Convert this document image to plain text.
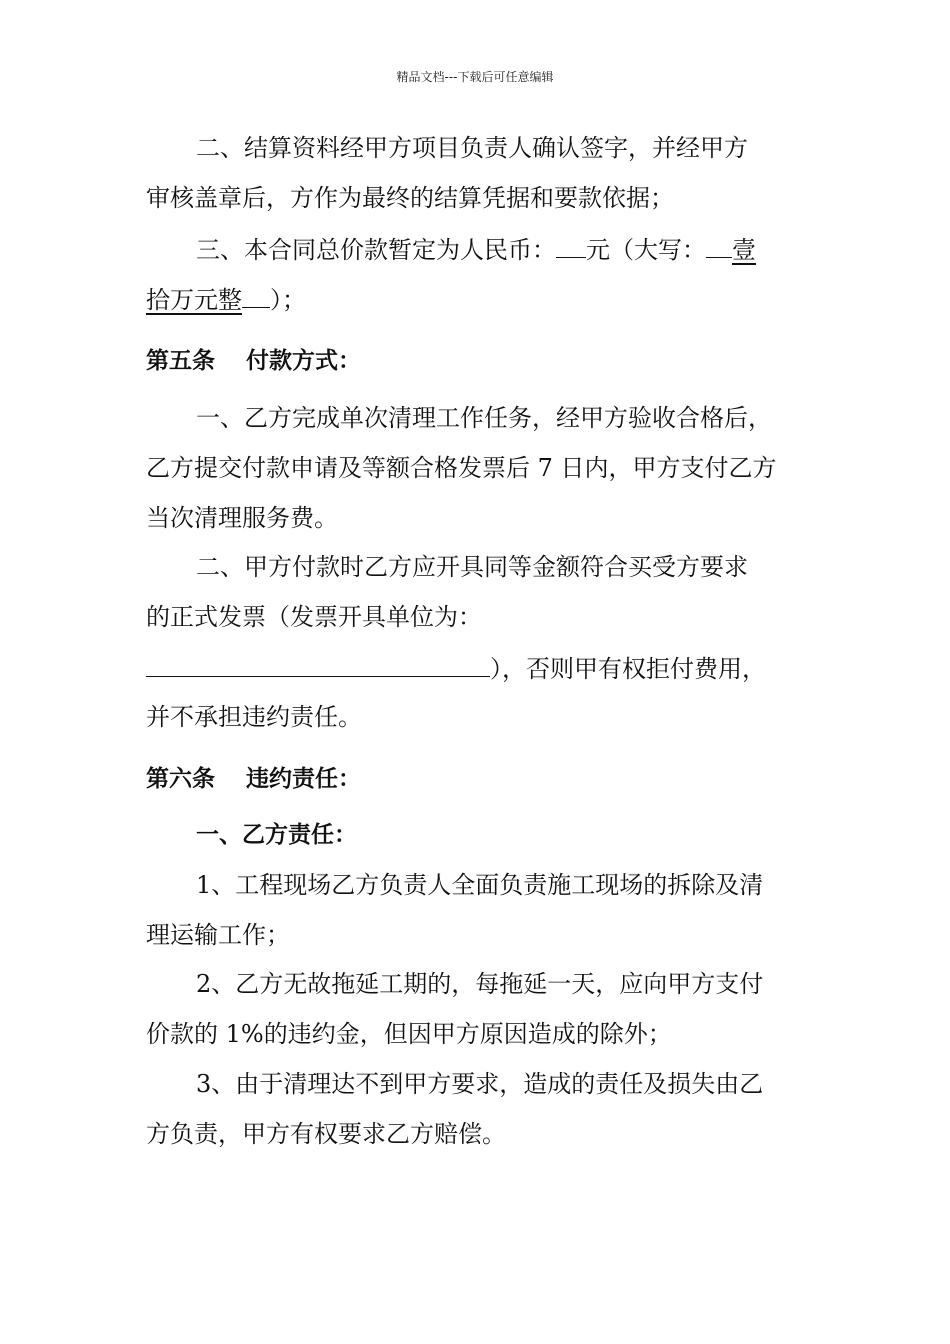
精品文档---下载后可任意编辑
二、结算资料经甲方项目负责人确认签字，并经甲方
审核盖章后，方作为最终的结算凭据和要款依据；
三、本合同总价款暂定为人民币： 元（大写： 壹
拾万元整 ）；
第五条　 付款方式：
一、乙方完成单次清理工作任务，经甲方验收合格后，
乙方提交付款申请及等额合格发票后 7 日内，甲方支付乙方
当次清理服务费。
二、甲方付款时乙方应开具同等金额符合买受方要求
的正式发票（发票开具单位为：
），否则甲有权拒付费用，
并不承担违约责任。
第六条　 违约责任：
一、乙方责任：
1、工程现场乙方负责人全面负责施工现场的拆除及清
理运输工作；
2、乙方无故拖延工期的，每拖延一天，应向甲方支付
价款的 1%的违约金，但因甲方原因造成的除外；
3、由于清理达不到甲方要求，造成的责任及损失由乙
方负责，甲方有权要求乙方赔偿。
